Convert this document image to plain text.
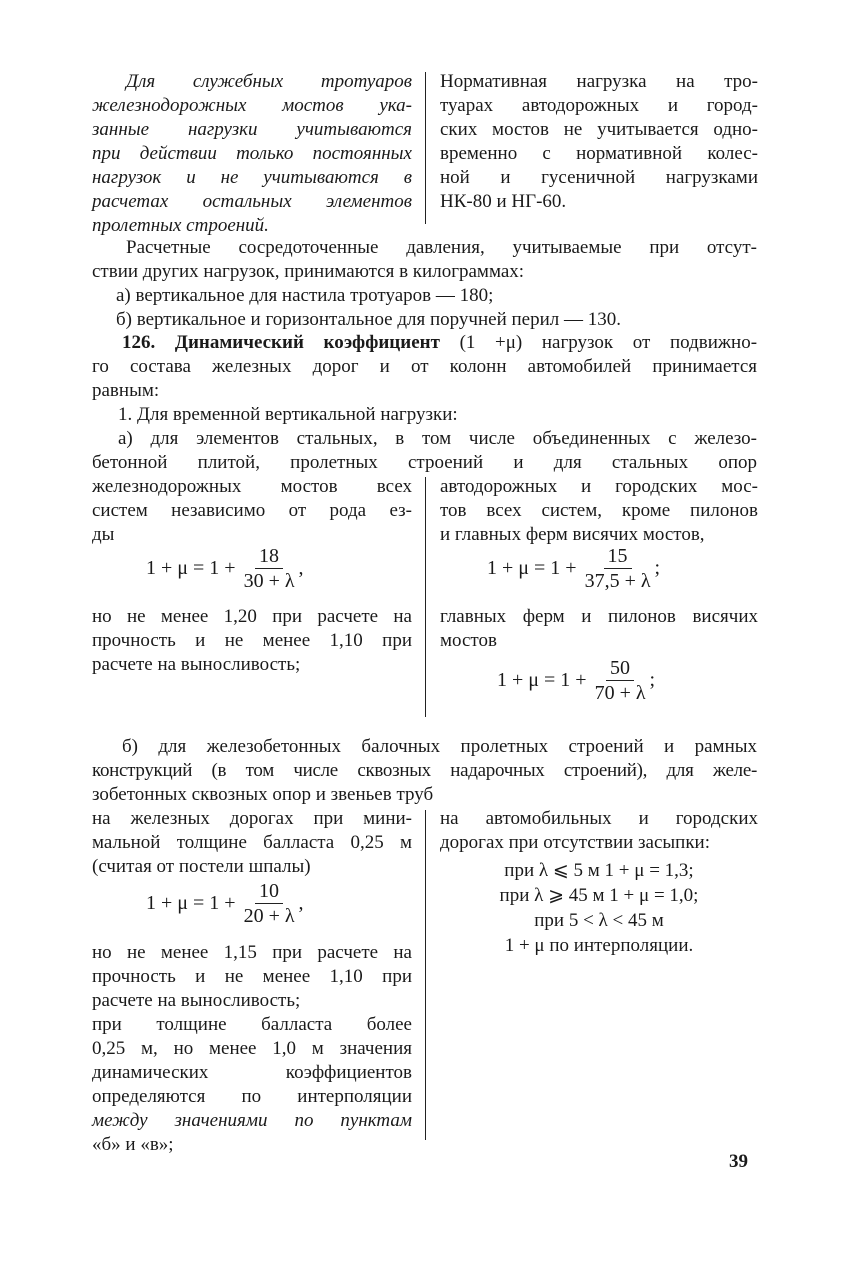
Для служебных тротуаров

железнодорожных мостов ука-

занные нагрузки учитываются

при действии только постоянных

нагрузок и не учитываются в

расчетах остальных элементов

пролетных строений.

Нормативная нагрузка на тро-

туарах автодорожных и город-

ских мостов не учитывается одно-

временно с нормативной колес-

ной и гусеничной нагрузками

НК-80 и НГ-60.

Расчетные сосредоточенные давления, учитываемые при отсут-

ствии других нагрузок, принимаются в килограммах:

а) вертикальное для настила тротуаров — 180;

б) вертикальное и горизонтальное для поручней перил — 130.

126. Динамический коэффициент (1 +μ) нагрузок от подвижно-

го состава железных дорог и от колонн автомобилей принимается

равным:

1. Для временной вертикальной нагрузки:

а) для элементов стальных, в том числе объединенных с железо-

бетонной плитой, пролетных строений и для стальных опор

железнодорожных мостов всех

систем независимо от рода ез-

ды

$1 + \mu = 1 + \frac{18}{30 + \lambda}$ ,

но не менее 1,20 при расчете на

прочность и не менее 1,10 при

расчете на выносливость;

автодорожных и городских мос-

тов всех систем, кроме пилонов

и главных ферм висячих мостов,

$1 + \mu = 1 + \frac{15}{37,5 + \lambda}$ ;

главных ферм и пилонов висячих

мостов

$1 + \mu = 1 + \frac{50}{70 + \lambda}$ ;

б) для железобетонных балочных пролетных строений и рамных

конструкций (в том числе сквозных надарочных строений), для желе-

зобетонных сквозных опор и звеньев труб

на железных дорогах при мини-

мальной толщине балласта 0,25 м

(считая от постели шпалы)

$1 + \mu = 1 + \frac{10}{20 + \lambda}$ ,

но не менее 1,15 при расчете на

прочность и не менее 1,10 при

расчете на выносливость;

при толщине балласта более

0,25 м, но менее 1,0 м значения

динамических коэффициентов

определяются по интерполяции

между значениями по пунктам

«б» и «в»;

на автомобильных и городских

дорогах при отсутствии засыпки:

при λ ⩽ 5 м 1 + μ = 1,3;

при λ ⩾ 45 м 1 + μ = 1,0;

при 5 < λ < 45 м

1 + μ по интерполяции.

39
